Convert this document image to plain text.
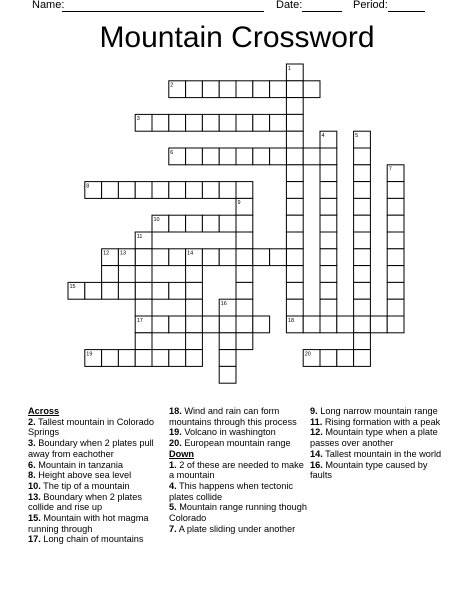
Name:	Date:	Period:
Mountain Crossword
1
2
3
4	5
6
7
8
9
10
11
12 13	14
15
16
17	18
19	20
Across
2. Tallest mountain in Colorado Springs
3. Boundary when 2 plates pull away from eachother
6. Mountain in tanzania
8. Height above sea level
10. The tip of a mountain
13. Boundary when 2 plates collide and rise up
15. Mountain with hot magma running through
17. Long chain of mountains
18. Wind and rain can form mountains through this process
19. Volcano in washington
20. European mountain range
Down
1. 2 of these are needed to make a mountain
4. This happens when tectonic plates collide
5. Mountain range running though Colorado
7. A plate sliding under another
9. Long narrow mountain range
11. Rising formation with a peak
12. Mountain type when a plate passes over another
14. Tallest mountain in the world
16. Mountain type caused by faults
